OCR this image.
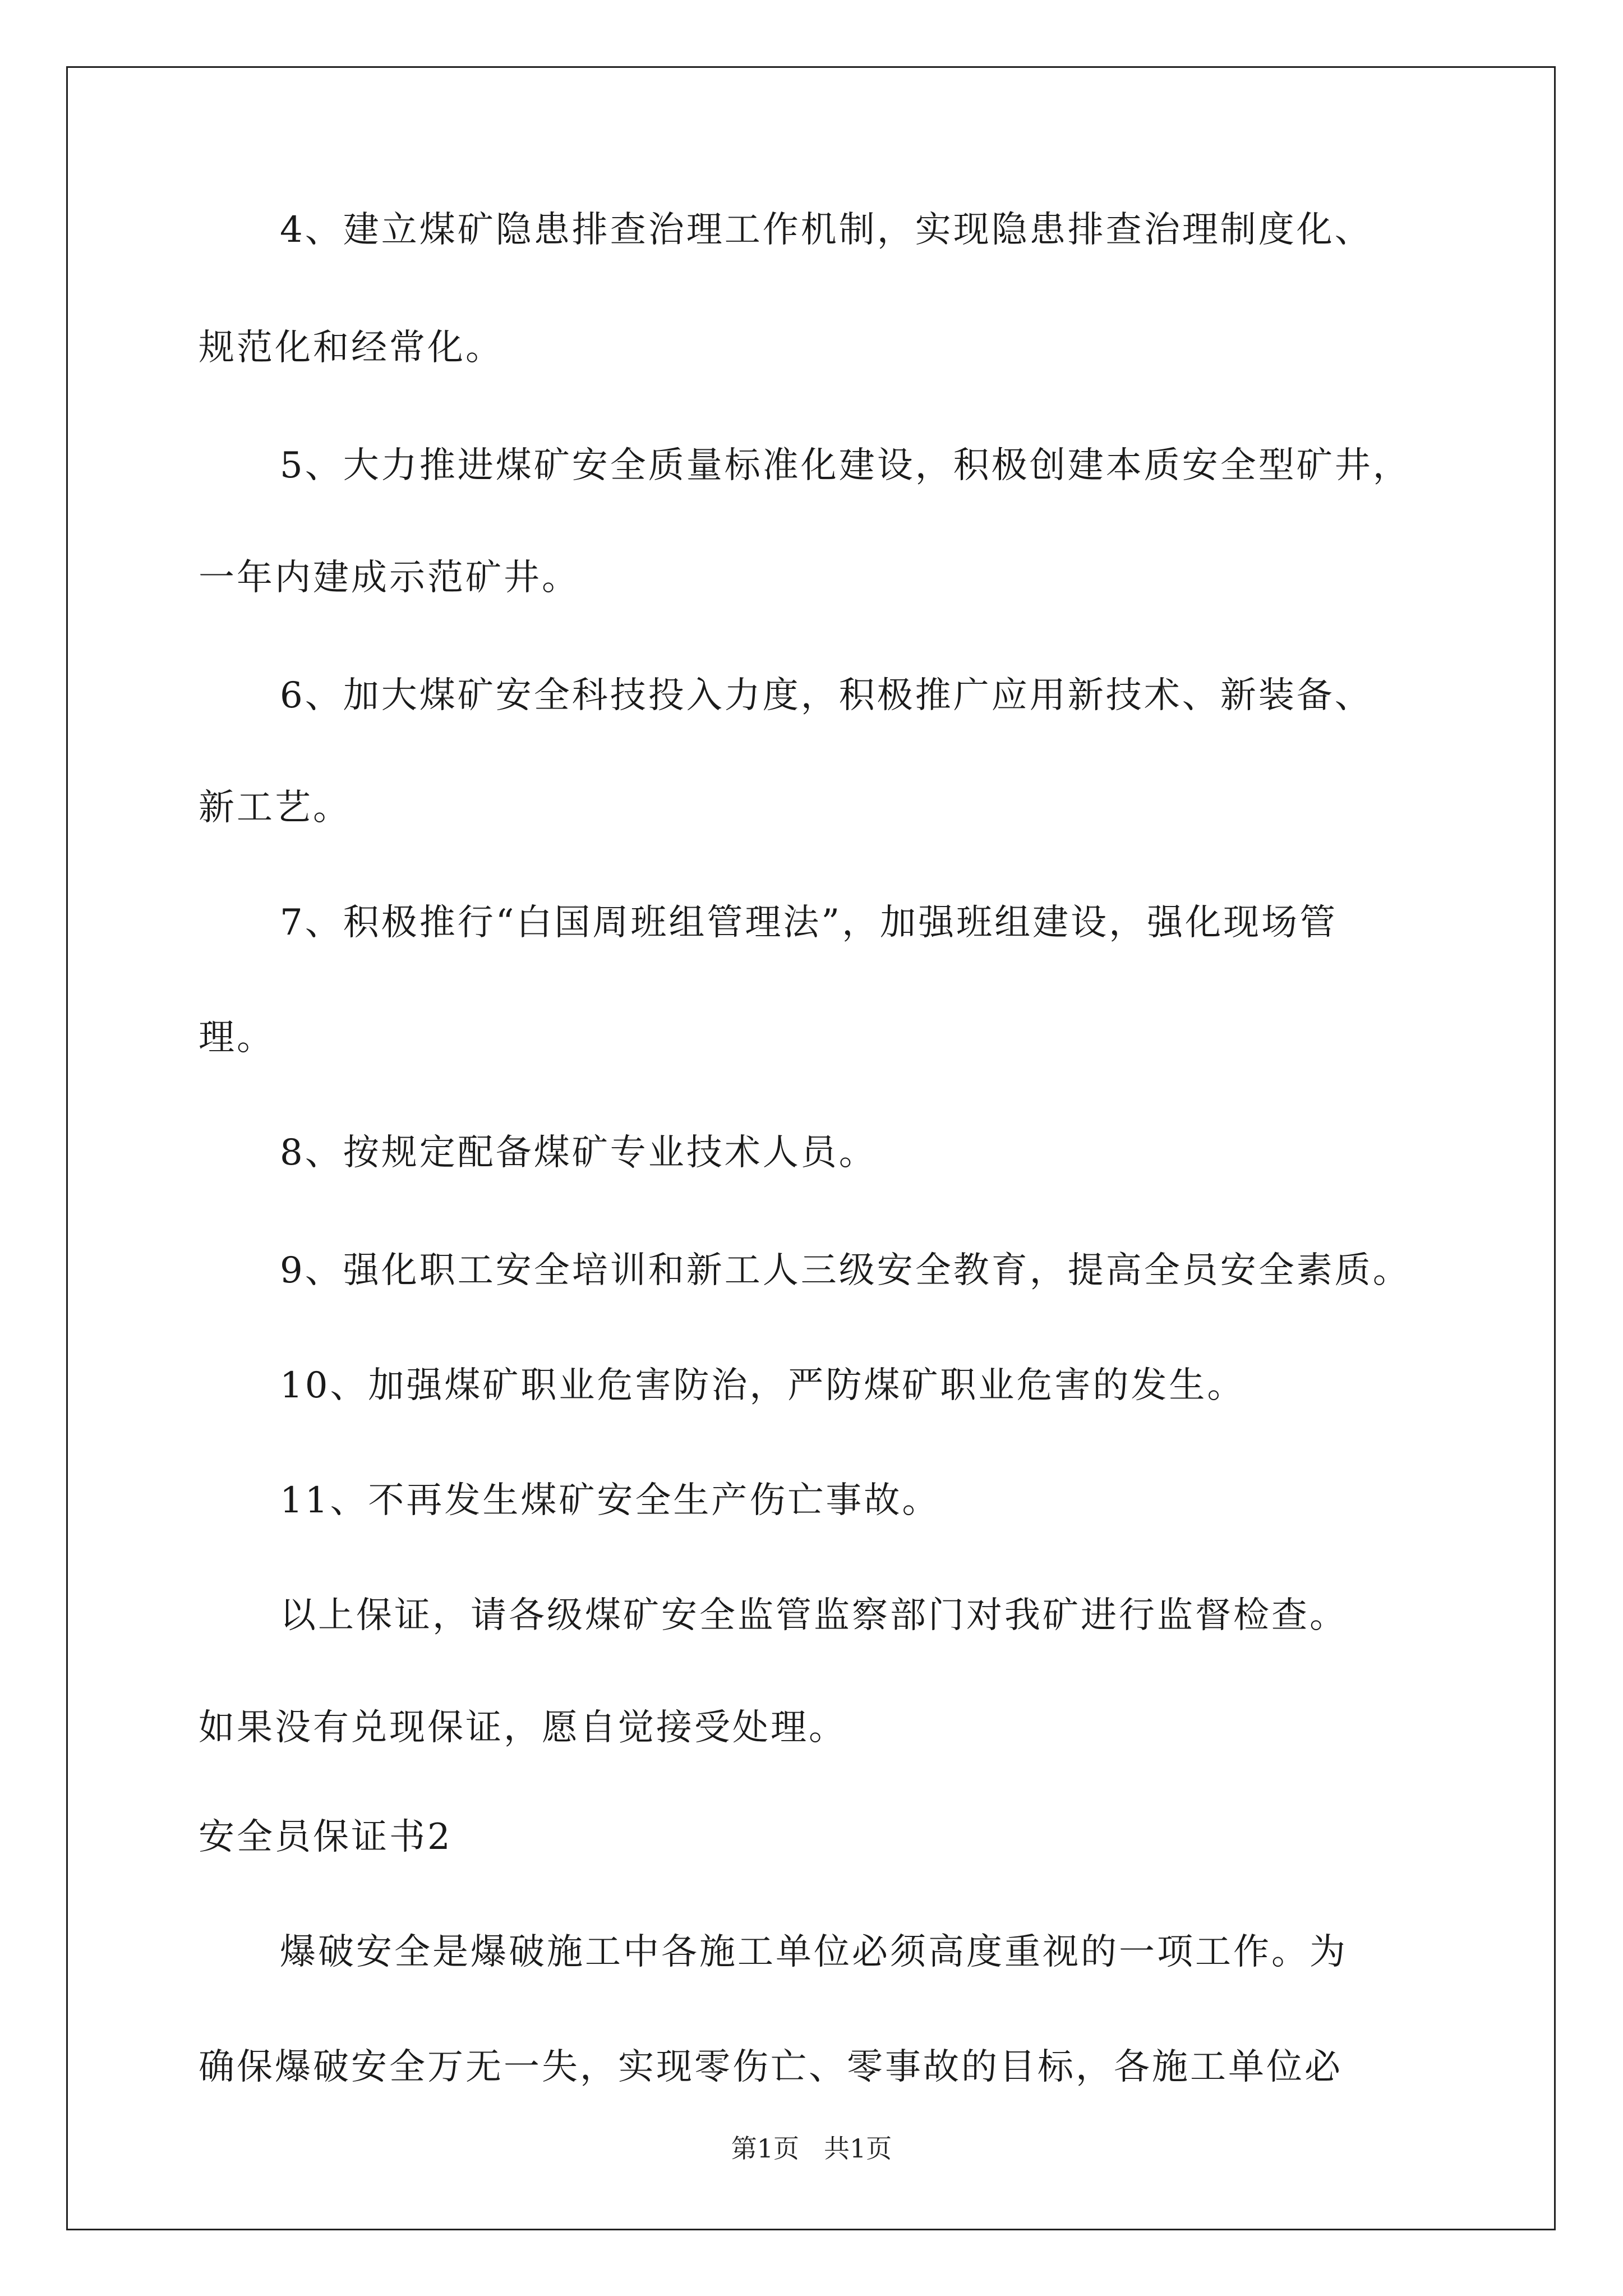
4、建立煤矿隐患排查治理工作机制，实现隐患排查治理制度化、
规范化和经常化。
5、大力推进煤矿安全质量标准化建设，积极创建本质安全型矿井，
一年内建成示范矿井。
6、加大煤矿安全科技投入力度，积极推广应用新技术、新装备、
新工艺。
7、积极推行“白国周班组管理法”，加强班组建设，强化现场管
理。
8、按规定配备煤矿专业技术人员。
9、强化职工安全培训和新工人三级安全教育，提高全员安全素质。
10、加强煤矿职业危害防治，严防煤矿职业危害的发生。
11、不再发生煤矿安全生产伤亡事故。
以上保证，请各级煤矿安全监管监察部门对我矿进行监督检查。
如果没有兑现保证，愿自觉接受处理。
安全员保证书2
爆破安全是爆破施工中各施工单位必须高度重视的一项工作。为
确保爆破安全万无一失，实现零伤亡、零事故的目标，各施工单位必
第1页 共1页
